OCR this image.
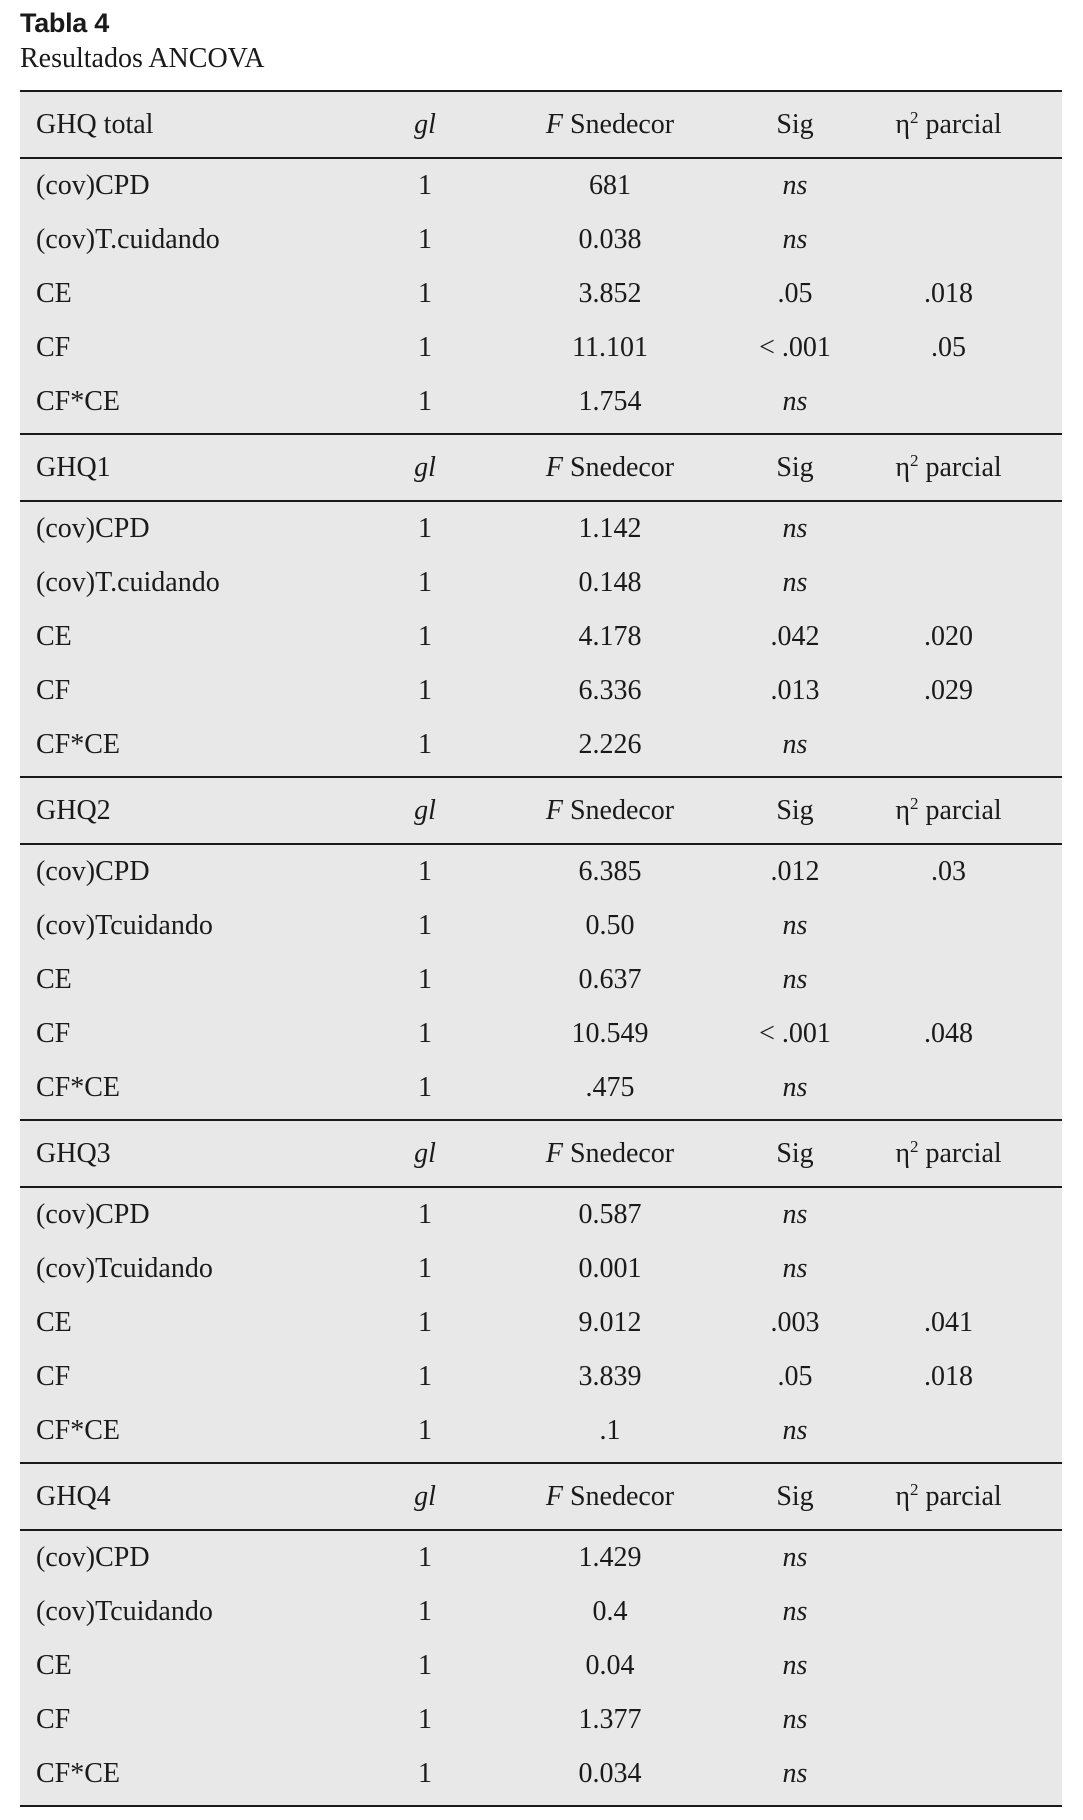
Tabla 4
Resultados ANCOVA
GHQ total	gl	F Snedecor	Sig	$\eta^2$ parcial
(cov)CPD	1	681	ns
(cov)T.cuidando	1	0.038	ns
CE	1	3.852	.05	.018
CF	1	11.101	< .001	.05
CF*CE	1	1.754	ns
GHQ1	gl	F Snedecor	Sig	$\eta^2$ parcial
(cov)CPD	1	1.142	ns
(cov)T.cuidando	1	0.148	ns
CE	1	4.178	.042	.020
CF	1	6.336	.013	.029
CF*CE	1	2.226	ns
GHQ2	gl	F Snedecor	Sig	$\eta^2$ parcial
(cov)CPD	1	6.385	.012	.03
(cov)Tcuidando	1	0.50	ns
CE	1	0.637	ns
CF	1	10.549	< .001	.048
CF*CE	1	.475	ns
GHQ3	gl	F Snedecor	Sig	$\eta^2$ parcial
(cov)CPD	1	0.587	ns
(cov)Tcuidando	1	0.001	ns
CE	1	9.012	.003	.041
CF	1	3.839	.05	.018
CF*CE	1	.1	ns
GHQ4	gl	F Snedecor	Sig	$\eta^2$ parcial
(cov)CPD	1	1.429	ns
(cov)Tcuidando	1	0.4	ns
CE	1	0.04	ns
CF	1	1.377	ns
CF*CE	1	0.034	ns
